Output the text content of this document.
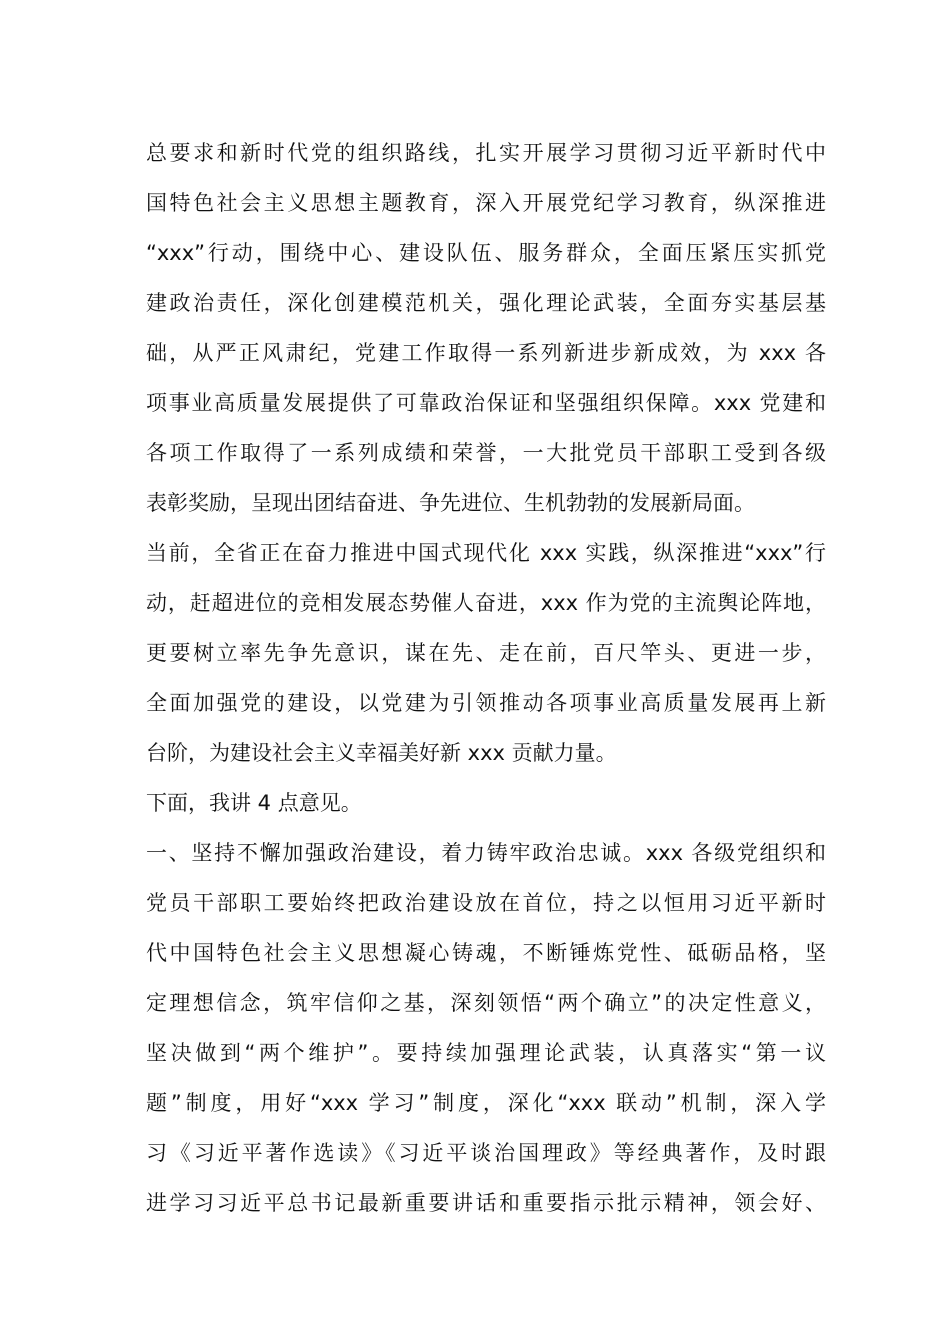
总要求和新时代党的组织路线，扎实开展学习贯彻习近平新时代中
国特色社会主义思想主题教育，深入开展党纪学习教育，纵深推进
“xxx”行动，围绕中心、建设队伍、服务群众，全面压紧压实抓党
建政治责任，深化创建模范机关，强化理论武装，全面夯实基层基
础，从严正风肃纪，党建工作取得一系列新进步新成效，为 xxx 各
项事业高质量发展提供了可靠政治保证和坚强组织保障。xxx 党建和
各项工作取得了一系列成绩和荣誉，一大批党员干部职工受到各级
表彰奖励，呈现出团结奋进、争先进位、生机勃勃的发展新局面。
当前，全省正在奋力推进中国式现代化 xxx 实践，纵深推进“xxx”行
动，赶超进位的竞相发展态势催人奋进，xxx 作为党的主流舆论阵地，
更要树立率先争先意识，谋在先、走在前，百尺竿头、更进一步，
全面加强党的建设，以党建为引领推动各项事业高质量发展再上新
台阶，为建设社会主义幸福美好新 xxx 贡献力量。
下面，我讲 4 点意见。
一、坚持不懈加强政治建设，着力铸牢政治忠诚。xxx 各级党组织和
党员干部职工要始终把政治建设放在首位，持之以恒用习近平新时
代中国特色社会主义思想凝心铸魂，不断锤炼党性、砥砺品格，坚
定理想信念，筑牢信仰之基，深刻领悟“两个确立”的决定性意义，
坚决做到“两个维护”。要持续加强理论武装，认真落实“第一议
题”制度，用好“xxx 学习”制度，深化“xxx 联动”机制，深入学
习《习近平著作选读》《习近平谈治国理政》等经典著作，及时跟
进学习习近平总书记最新重要讲话和重要指示批示精神，领会好、
